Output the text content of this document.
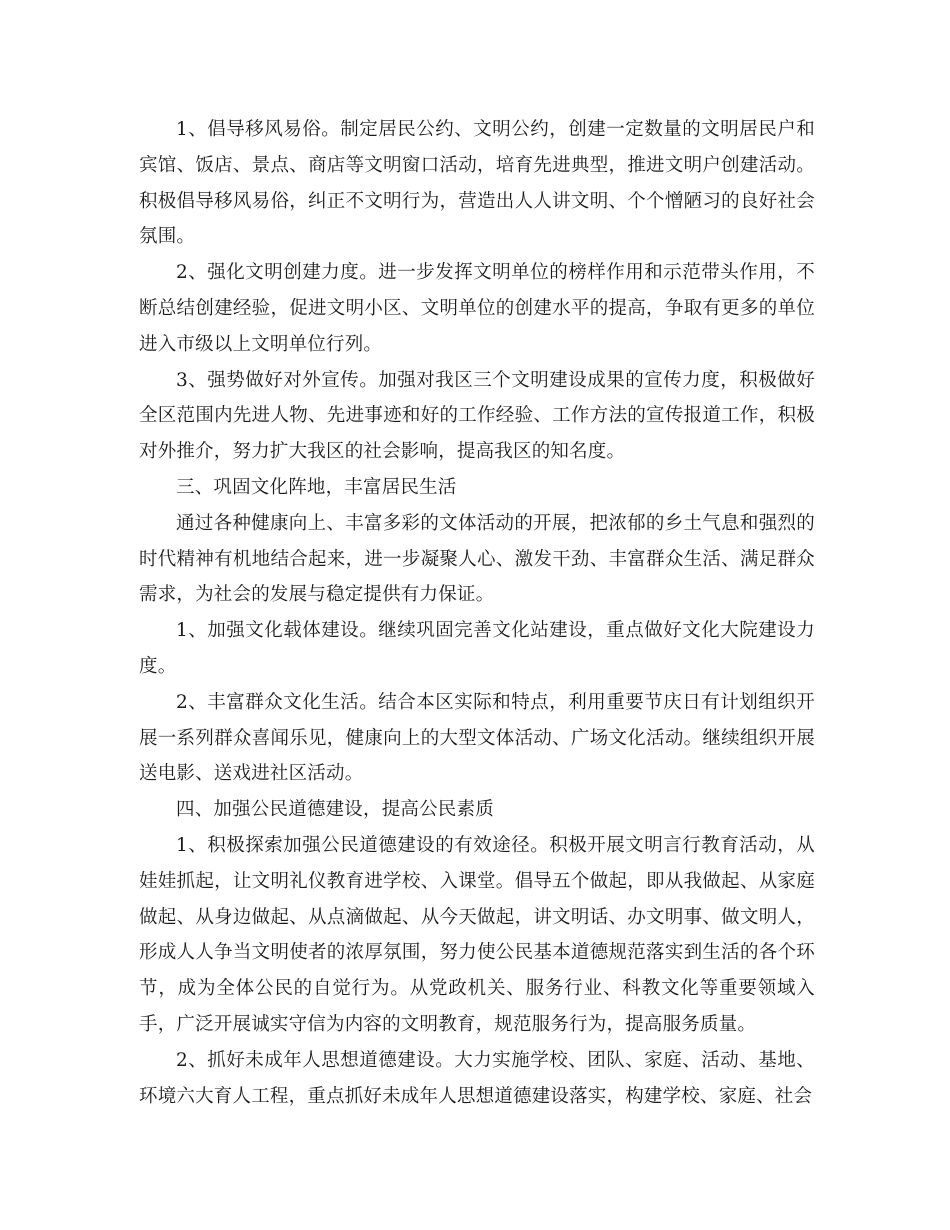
1、倡导移风易俗。制定居民公约、文明公约，创建一定数量的文明居民户和宾馆、饭店、景点、商店等文明窗口活动，培育先进典型，推进文明户创建活动。积极倡导移风易俗，纠正不文明行为，营造出人人讲文明、个个憎陋习的良好社会氛围。

2、强化文明创建力度。进一步发挥文明单位的榜样作用和示范带头作用，不断总结创建经验，促进文明小区、文明单位的创建水平的提高，争取有更多的单位进入市级以上文明单位行列。

3、强势做好对外宣传。加强对我区三个文明建设成果的宣传力度，积极做好全区范围内先进人物、先进事迹和好的工作经验、工作方法的宣传报道工作，积极对外推介，努力扩大我区的社会影响，提高我区的知名度。

三、巩固文化阵地，丰富居民生活

通过各种健康向上、丰富多彩的文体活动的开展，把浓郁的乡土气息和强烈的时代精神有机地结合起来，进一步凝聚人心、激发干劲、丰富群众生活、满足群众需求，为社会的发展与稳定提供有力保证。

1、加强文化载体建设。继续巩固完善文化站建设，重点做好文化大院建设力度。

2、丰富群众文化生活。结合本区实际和特点，利用重要节庆日有计划组织开展一系列群众喜闻乐见，健康向上的大型文体活动、广场文化活动。继续组织开展送电影、送戏进社区活动。

四、加强公民道德建设，提高公民素质

1、积极探索加强公民道德建设的有效途径。积极开展文明言行教育活动，从娃娃抓起，让文明礼仪教育进学校、入课堂。倡导五个做起，即从我做起、从家庭做起、从身边做起、从点滴做起、从今天做起，讲文明话、办文明事、做文明人，形成人人争当文明使者的浓厚氛围，努力使公民基本道德规范落实到生活的各个环节，成为全体公民的自觉行为。从党政机关、服务行业、科教文化等重要领域入手，广泛开展诚实守信为内容的文明教育，规范服务行为，提高服务质量。

2、抓好未成年人思想道德建设。大力实施学校、团队、家庭、活动、基地、环境六大育人工程，重点抓好未成年人思想道德建设落实，构建学校、家庭、社会
